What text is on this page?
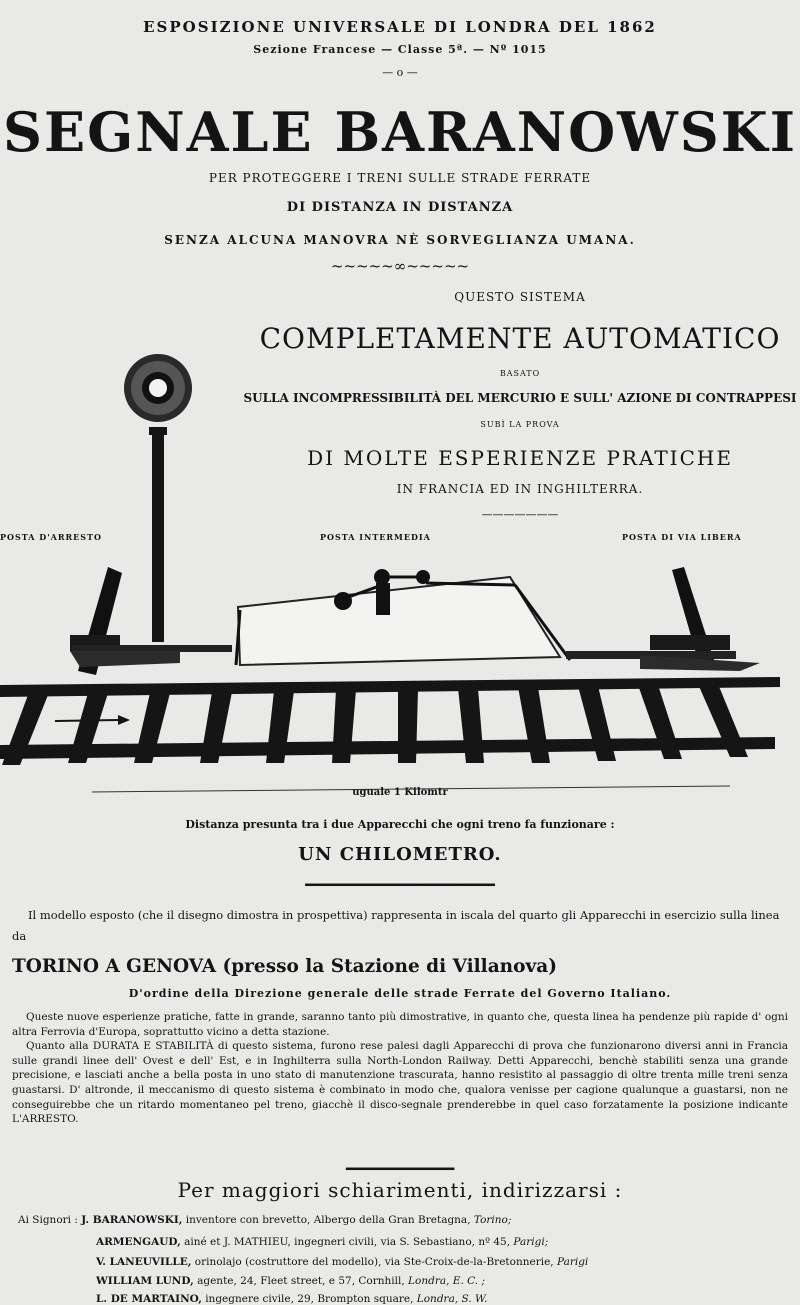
ESPOSIZIONE UNIVERSALE DI LONDRA DEL 1862
Sezione Francese — Classe 5ª. — Nº 1015
— o —
SEGNALE BARANOWSKI
PER PROTEGGERE I TRENI SULLE STRADE FERRATE
DI DISTANZA IN DISTANZA
SENZA ALCUNA MANOVRA NÈ SORVEGLIANZA UMANA.
~~~~~∞~~~~~
QUESTO SISTEMA
COMPLETAMENTE AUTOMATICO
BASATO
SULLA INCOMPRESSIBILITÀ DEL MERCURIO E SULL' AZIONE DI CONTRAPPESI
SUBÌ LA PROVA
DI MOLTE ESPERIENZE PRATICHE
IN FRANCIA ED IN INGHILTERRA.
———————
POSTA D'ARRESTO	POSTA INTERMEDIA	POSTA DI VIA LIBERA
uguale 1 Kilomtr
Distanza presunta tra i due Apparecchi che ogni treno fa funzionare :
UN CHILOMETRO.
━━━━━━━━━━━━━━━━━━━━━
Il modello esposto (che il disegno dimostra in prospettiva) rappresenta in iscala del quarto gli Apparecchi in esercizio sulla linea da
TORINO A GENOVA (presso la Stazione di Villanova)
D'ordine della Direzione generale delle strade Ferrate del Governo Italiano.

Queste nuove esperienze pratiche, fatte in grande, saranno tanto più dimostrative, in quanto che, questa linea ha pendenze più rapide d' ogni altra Ferrovia d'Europa, soprattutto vicino a detta stazione.

Quanto alla DURATA E STABILITÀ di questo sistema, furono rese palesi dagli Apparecchi di prova che funzionarono diversi anni in Francia sulle grandi linee dell' Ovest e dell' Est, e in Inghilterra sulla North-London Railway. Detti Apparecchi, benchè stabiliti senza una grande precisione, e lasciati anche a bella posta in uno stato di manutenzione trascurata, hanno resistito al passaggio di oltre trenta mille treni senza guastarsi. D' altronde, il meccanismo di questo sistema è combinato in modo che, qualora venisse per cagione qualunque a guastarsi, non ne conseguirebbe che un ritardo momentaneo pel treno, giacchè il disco-segnale prenderebbe in quel caso forzatamente la posizione indicante L'ARRESTO.

━━━━━━━━━━━━
Per maggiori schiarimenti, indirizzarsi :
Ai Signori : J. BARANOWSKI, inventore con brevetto, Albergo della Gran Bretagna, Torino;
ARMENGAUD, ainé et J. MATHIEU, ingegneri civili, via S. Sebastiano, nº 45, Parigi;
V. LANEUVILLE, orinolajo (costruttore del modello), via Ste-Croix-de-la-Bretonnerie, Parigi
WILLIAM LUND, agente, 24, Fleet street, e 57, Cornhill, Londra, E. C. ;
L. DE MARTAINO, ingegnere civile, 29, Brompton square, Londra, S. W.
